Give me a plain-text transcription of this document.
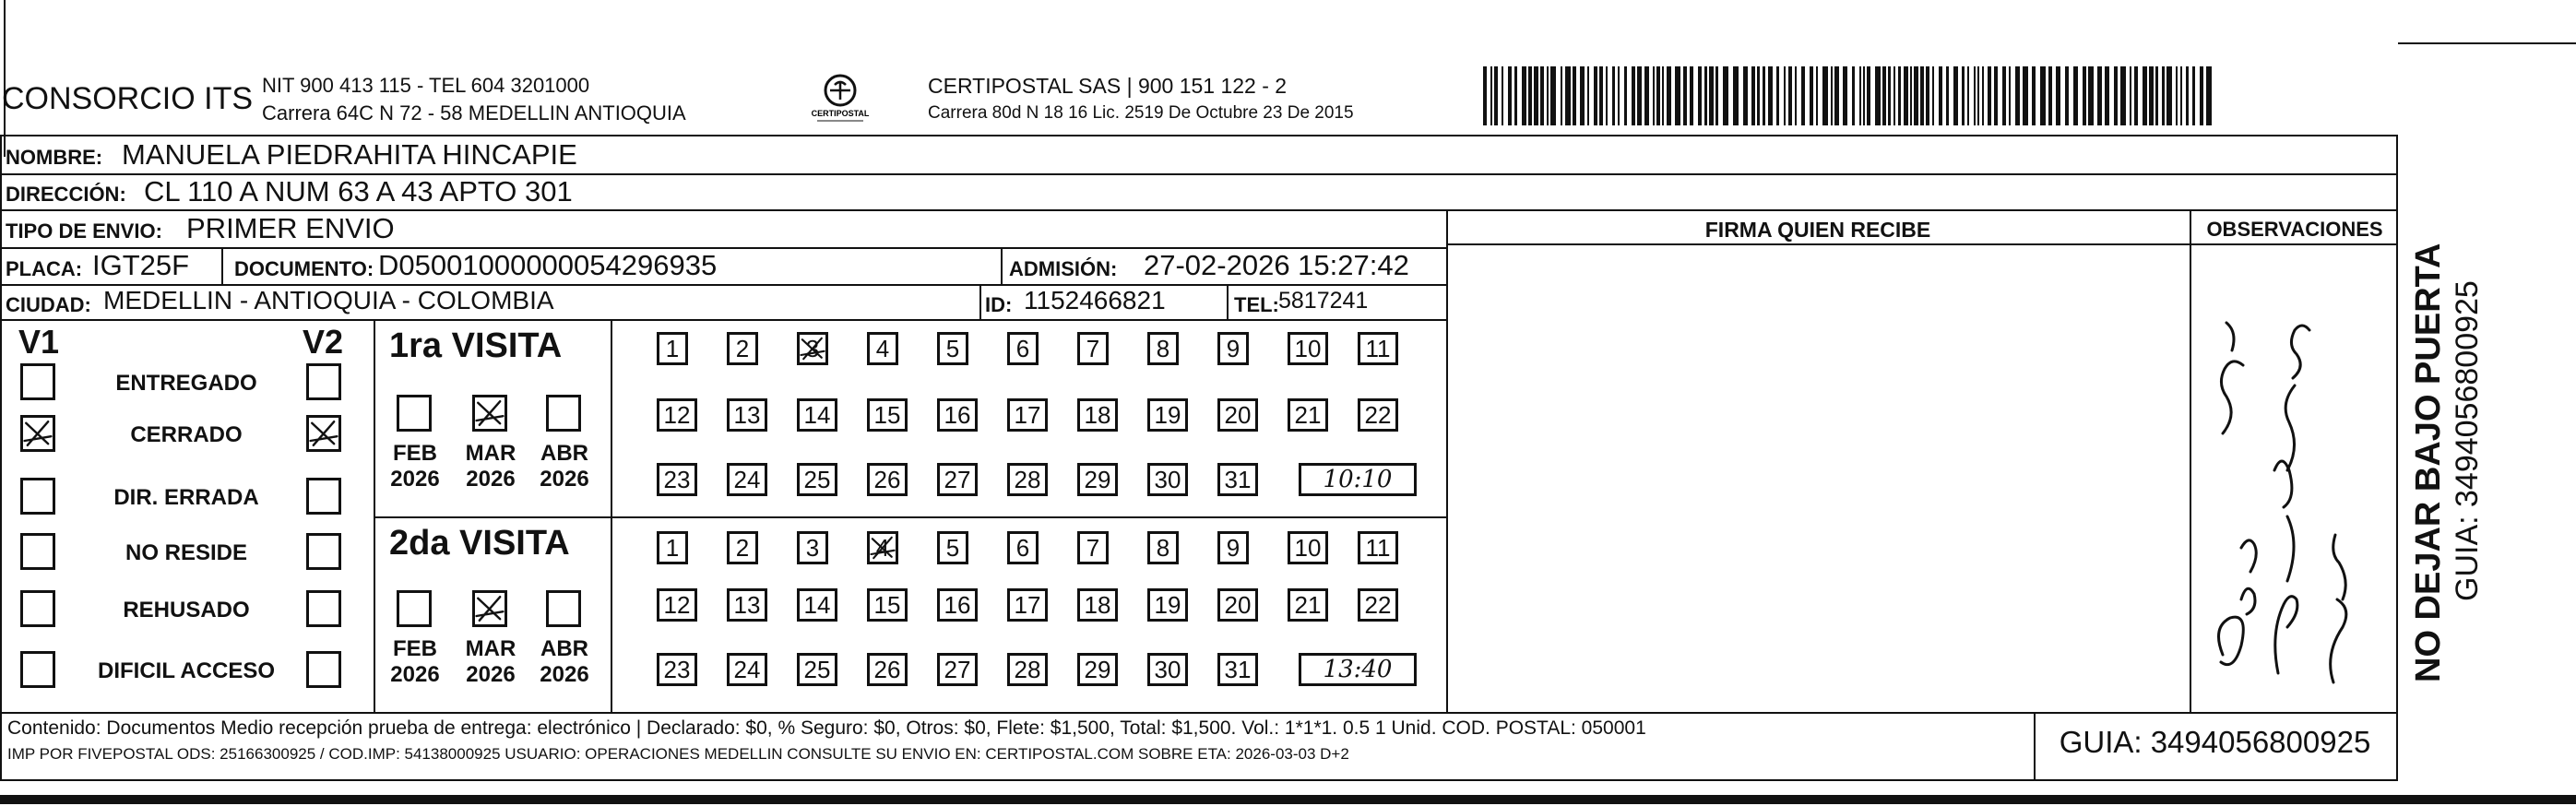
CONSORCIO ITS NIT 900 413 115 - TEL 604 3201000
Carrera 64C N 72 - 58 MEDELLIN ANTIOQUIA	CERTIPOSTAL
CERTIPOSTAL SAS | 900 151 122 - 2
Carrera 80d N 18 16 Lic. 2519 De Octubre 23 De 2015
NOMBRE: MANUELA PIEDRAHITA HINCAPIE
DIRECCIÓN: CL 110 A NUM 63 A 43 APTO 301
TIPO DE ENVIO: PRIMER ENVIO
PLACA: IGT25F DOCUMENTO: D05001000000054296935	ADMISIÓN: 27-02-2026 15:27:42
CIUDAD: MEDELLIN - ANTIOQUIA - COLOMBIA	ID: 1152466821	TEL: 5817241
FIRMA QUIEN RECIBE	OBSERVACIONES
V1	V2
ENTREGADO
CERRADO
DIR. ERRADA
NO RESIDE
REHUSADO
DIFICIL ACCESO
1ra VISITA
2da VISITA
FEB
2026
MAR
2026
ABR
2026
FEB
2026
MAR
2026
ABR
2026
1	2	3	4	5	6	7	8	9	10	11
12 13 14 15 16 17 18 19 20 21 22
23 24 25 26 27 28 29 30 31	10:10
1	2	3	4	5	6	7	8	9	10	11
12 13 14 15 16 17 18 19 20 21 22
23 24 25 26 27 28 29 30 31	13:40
Contenido: Documentos Medio recepción prueba de entrega: electrónico | Declarado: $0, % Seguro: $0, Otros: $0, Flete: $1,500, Total: $1,500. Vol.: 1*1*1. 0.5 1 Unid. COD. POSTAL: 050001
IMP POR FIVEPOSTAL ODS: 25166300925 / COD.IMP: 54138000925 USUARIO: OPERACIONES MEDELLIN CONSULTE SU ENVIO EN: CERTIPOSTAL.COM SOBRE ETA: 2026-03-03 D+2	GUIA: 3494056800925
NO DEJAR BAJO PUERTA GUIA: 3494056800925
